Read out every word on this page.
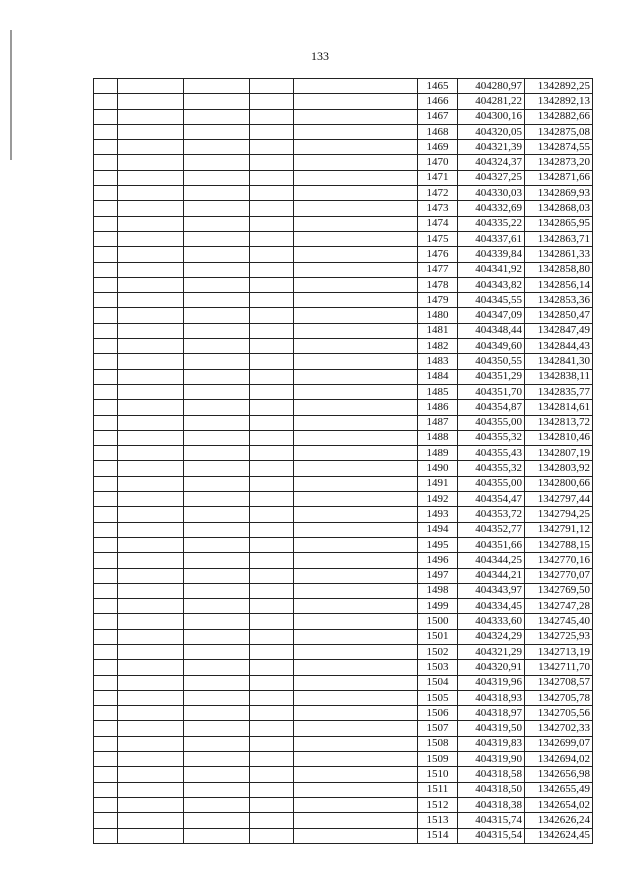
133
					1465	404280,97	1342892,25
					1466	404281,22	1342892,13
					1467	404300,16	1342882,66
					1468	404320,05	1342875,08
					1469	404321,39	1342874,55
					1470	404324,37	1342873,20
					1471	404327,25	1342871,66
					1472	404330,03	1342869,93
					1473	404332,69	1342868,03
					1474	404335,22	1342865,95
					1475	404337,61	1342863,71
					1476	404339,84	1342861,33
					1477	404341,92	1342858,80
					1478	404343,82	1342856,14
					1479	404345,55	1342853,36
					1480	404347,09	1342850,47
					1481	404348,44	1342847,49
					1482	404349,60	1342844,43
					1483	404350,55	1342841,30
					1484	404351,29	1342838,11
					1485	404351,70	1342835,77
					1486	404354,87	1342814,61
					1487	404355,00	1342813,72
					1488	404355,32	1342810,46
					1489	404355,43	1342807,19
					1490	404355,32	1342803,92
					1491	404355,00	1342800,66
					1492	404354,47	1342797,44
					1493	404353,72	1342794,25
					1494	404352,77	1342791,12
					1495	404351,66	1342788,15
					1496	404344,25	1342770,16
					1497	404344,21	1342770,07
					1498	404343,97	1342769,50
					1499	404334,45	1342747,28
					1500	404333,60	1342745,40
					1501	404324,29	1342725,93
					1502	404321,29	1342713,19
					1503	404320,91	1342711,70
					1504	404319,96	1342708,57
					1505	404318,93	1342705,78
					1506	404318,97	1342705,56
					1507	404319,50	1342702,33
					1508	404319,83	1342699,07
					1509	404319,90	1342694,02
					1510	404318,58	1342656,98
					1511	404318,50	1342655,49
					1512	404318,38	1342654,02
					1513	404315,74	1342626,24
					1514	404315,54	1342624,45
